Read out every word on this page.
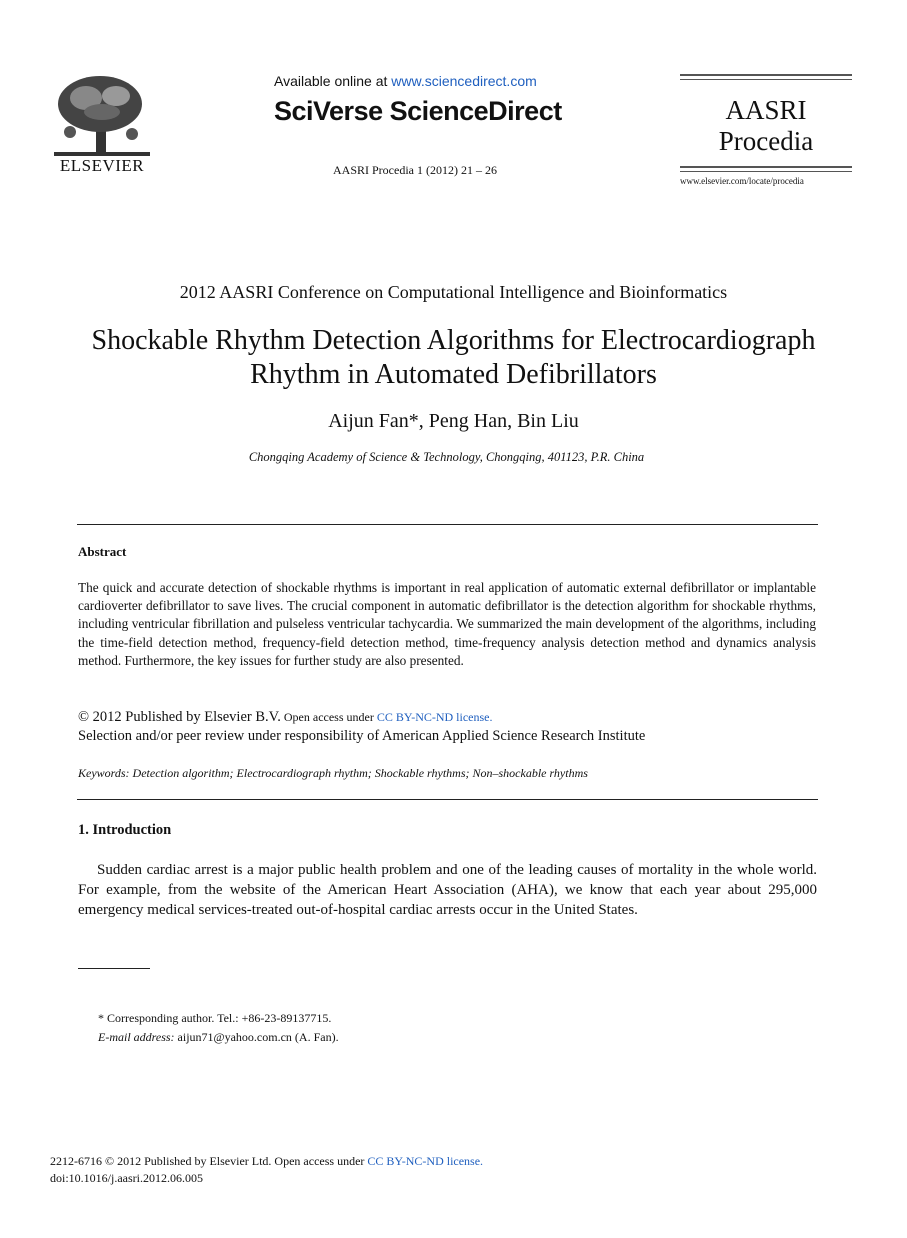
ELSEVIER
Available online at www.sciencedirect.com
SciVerse ScienceDirect
AASRI Procedia 1 (2012) 21 – 26
AASRI
Procedia
www.elsevier.com/locate/procedia
2012 AASRI Conference on Computational Intelligence and Bioinformatics
Shockable Rhythm Detection Algorithms for Electrocardiograph
Rhythm in Automated Defibrillators
Aijun Fan*, Peng Han, Bin Liu
Chongqing Academy of Science & Technology, Chongqing, 401123, P.R. China
Abstract
The quick and accurate detection of shockable rhythms is important in real application of automatic external defibrillator or implantable cardioverter defibrillator to save lives. The crucial component in automatic defibrillator is the detection algorithm for shockable rhythms, including ventricular fibrillation and pulseless ventricular tachycardia. We summarized the main development of the algorithms, including the time-field detection method, frequency-field detection method, time-frequency analysis detection method and dynamics analysis method. Furthermore, the key issues for further study are also presented.
© 2012 Published by Elsevier B.V. Open access under CC BY-NC-ND license.
Selection and/or peer review under responsibility of American Applied Science Research Institute
Keywords: Detection algorithm; Electrocardiograph rhythm; Shockable rhythms; Non–shockable rhythms
1. Introduction
Sudden cardiac arrest is a major public health problem and one of the leading causes of mortality in the whole world. For example, from the website of the American Heart Association (AHA), we know that each year about 295,000 emergency medical services-treated out-of-hospital cardiac arrests occur in the United States.
* Corresponding author. Tel.: +86-23-89137715.
E-mail address: aijun71@yahoo.com.cn (A. Fan).
2212-6716 © 2012 Published by Elsevier Ltd. Open access under CC BY-NC-ND license.
doi:10.1016/j.aasri.2012.06.005
